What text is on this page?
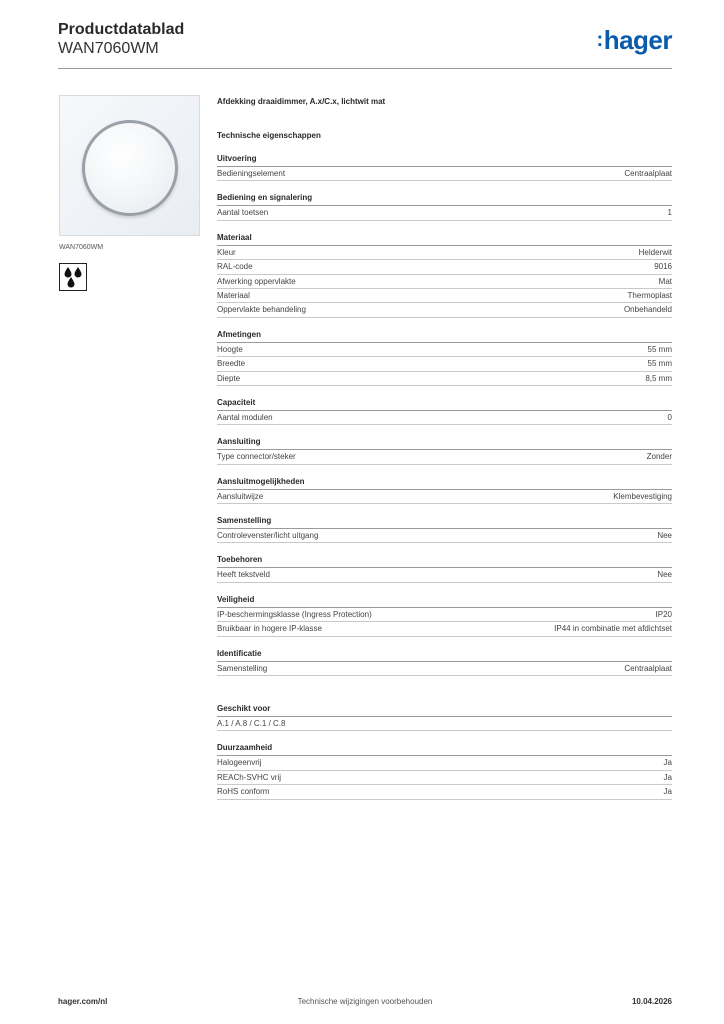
Productdatablad
WAN7060WM	:hager
WAN7060WM
Afdekking draaidimmer, A.x/C.x, lichtwit mat
Technische eigenschappen
Uitvoering
Bedieningselement	Centraalplaat
Bediening en signalering
Aantal toetsen	1
Materiaal
Kleur	Helderwit
RAL-code	9016
Afwerking oppervlakte	Mat
Materiaal	Thermoplast
Oppervlakte behandeling	Onbehandeld
Afmetingen
Hoogte	55 mm
Breedte	55 mm
Diepte	8,5 mm
Capaciteit
Aantal modulen	0
Aansluiting
Type connector/steker	Zonder
Aansluitmogelijkheden
Aansluitwijze	Klembevestiging
Samenstelling
Controlevenster/licht uitgang	Nee
Toebehoren
Heeft tekstveld	Nee
Veiligheid
IP-beschermingsklasse (Ingress Protection)	IP20
Bruikbaar in hogere IP-klasse	IP44 in combinatie met afdichtset
Identificatie
Samenstelling	Centraalplaat
Geschikt voor
A.1 / A.8 / C.1 / C.8
Duurzaamheid
Halogeenvrij	Ja
REACh-SVHC vrij	Ja
RoHS conform	Ja
hager.com/nl	Technische wijzigingen voorbehouden	10.04.2026
